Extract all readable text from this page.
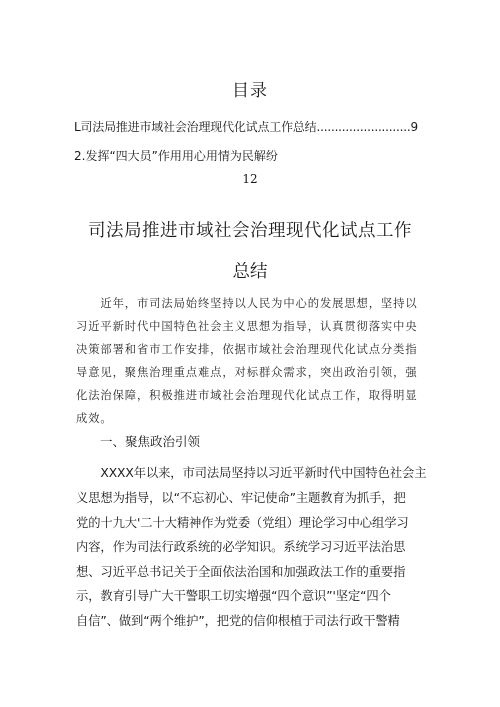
目录
L司法局推进市域社会治理现代化试点工作总结..........................9
2.发挥“四大员”作用用心用情为民解纷
12
司法局推进市域社会治理现代化试点工作
总结
　　近年，市司法局始终坚持以人民为中心的发展思想，坚持以
习近平新时代中国特色社会主义思想为指导，认真贯彻落实中央
决策部署和省市工作安排，依据市域社会治理现代化试点分类指
导意见，聚焦治理重点难点，对标群众需求，突出政治引领，强
化法治保障，积极推进市域社会治理现代化试点工作，取得明显
成效。
一、聚焦政治引领
　　XXXX年以来，市司法局坚持以习近平新时代中国特色社会主
义思想为指导，以“不忘初心、牢记使命”主题教育为抓手，把
党的十九大'二十大精神作为党委（党组）理论学习中心组学习
内容，作为司法行政系统的必学知识。系统学习习近平法治思
想、习近平总书记关于全面依法治国和加强政法工作的重要指
示，教育引导广大干警职工切实增强“四个意识”'坚定“四个
自信”、做到“两个维护”，把党的信仰根植于司法行政干警精
